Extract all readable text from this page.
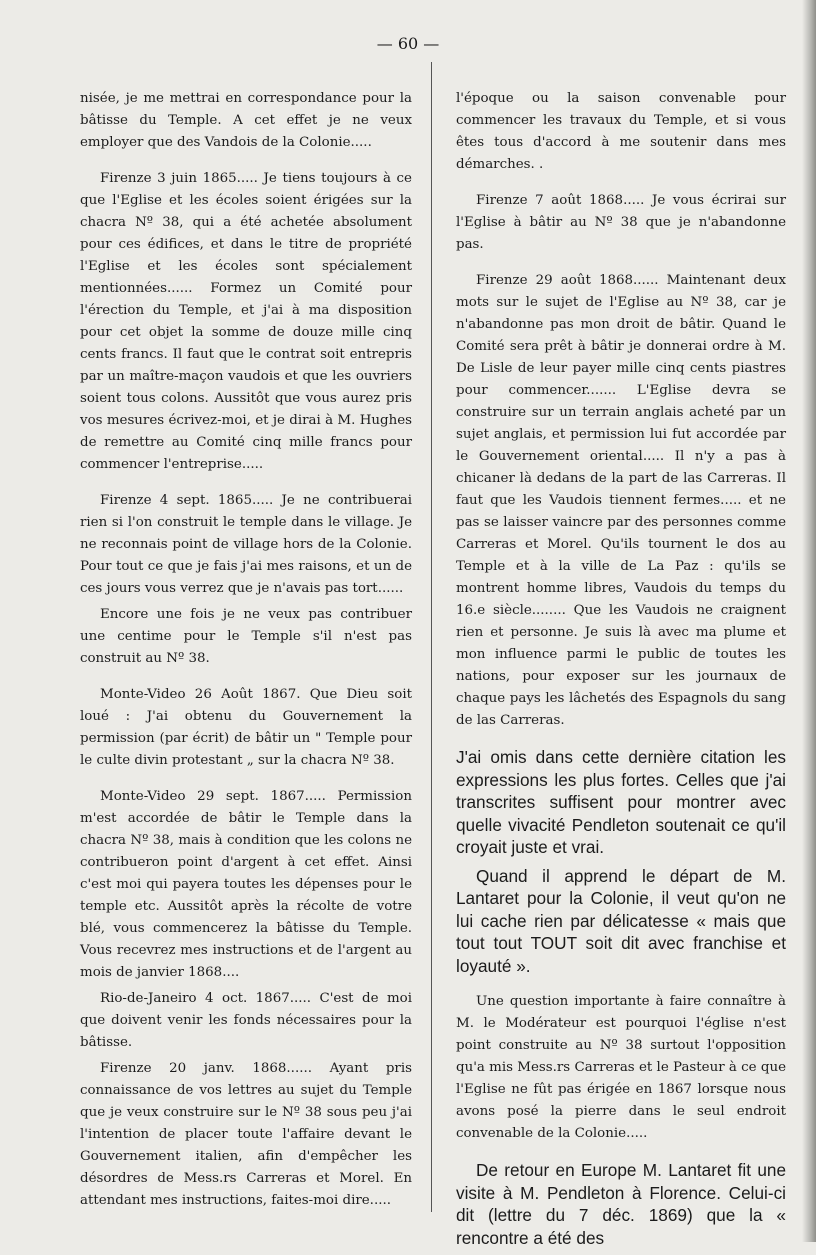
— 60 —

nisée, je me mettrai en correspondance pour la bâtisse du Temple. A cet effet je ne veux employer que des Vandois de la Colonie.....

Firenze 3 juin 1865..... Je tiens toujours à ce que l'Eglise et les écoles soient érigées sur la chacra Nº 38, qui a été achetée absolument pour ces édifices, et dans le titre de propriété l'Eglise et les écoles sont spécialement mentionnées...... Formez un Comité pour l'érection du Temple, et j'ai à ma disposition pour cet objet la somme de douze mille cinq cents francs. Il faut que le contrat soit entrepris par un maître-maçon vaudois et que les ouvriers soient tous colons. Aussitôt que vous aurez pris vos mesures écrivez-moi, et je dirai à M. Hughes de remettre au Comité cinq mille francs pour commencer l'entreprise.....

Firenze 4 sept. 1865..... Je ne contribuerai rien si l'on construit le temple dans le village. Je ne reconnais point de village hors de la Colonie. Pour tout ce que je fais j'ai mes raisons, et un de ces jours vous verrez que je n'avais pas tort......

Encore une fois je ne veux pas contribuer une centime pour le Temple s'il n'est pas construit au Nº 38.

Monte-Video 26 Août 1867. Que Dieu soit loué : J'ai obtenu du Gouvernement la permission (par écrit) de bâtir un " Temple pour le culte divin protestant „ sur la chacra Nº 38.

Monte-Video 29 sept. 1867..... Permission m'est accordée de bâtir le Temple dans la chacra Nº 38, mais à condition que les colons ne contribueron point d'argent à cet effet. Ainsi c'est moi qui payera toutes les dépenses pour le temple etc. Aussitôt après la récolte de votre blé, vous commencerez la bâtisse du Temple. Vous recevrez mes instructions et de l'argent au mois de janvier 1868....

Rio-de-Janeiro 4 oct. 1867..... C'est de moi que doivent venir les fonds nécessaires pour la bâtisse.

Firenze 20 janv. 1868...... Ayant pris connaissance de vos lettres au sujet du Temple que je veux construire sur le Nº 38 sous peu j'ai l'intention de placer toute l'affaire devant le Gouvernement italien, afin d'empêcher les désordres de Mess.rs Carreras et Morel. En attendant mes instructions, faites-moi dire.....

l'époque ou la saison convenable pour commencer les travaux du Temple, et si vous êtes tous d'accord à me soutenir dans mes démarches. .

Firenze 7 août 1868..... Je vous écrirai sur l'Eglise à bâtir au Nº 38 que je n'abandonne pas.

Firenze 29 août 1868...... Maintenant deux mots sur le sujet de l'Eglise au Nº 38, car je n'abandonne pas mon droit de bâtir. Quand le Comité sera prêt à bâtir je donnerai ordre à M. De Lisle de leur payer mille cinq cents piastres pour commencer....... L'Eglise devra se construire sur un terrain anglais acheté par un sujet anglais, et permission lui fut accordée par le Gouvernement oriental..... Il n'y a pas à chicaner là dedans de la part de las Carreras. Il faut que les Vaudois tiennent fermes..... et ne pas se laisser vaincre par des personnes comme Carreras et Morel. Qu'ils tournent le dos au Temple et à la ville de La Paz : qu'ils se montrent homme libres, Vaudois du temps du 16.e siècle........ Que les Vaudois ne craignent rien et personne. Je suis là avec ma plume et mon influence parmi le public de toutes les nations, pour exposer sur les journaux de chaque pays les lâchetés des Espagnols du sang de las Carreras.

J'ai omis dans cette dernière citation les expressions les plus fortes. Celles que j'ai transcrites suffisent pour montrer avec quelle vivacité Pendleton soutenait ce qu'il croyait juste et vrai.

Quand il apprend le départ de M. Lantaret pour la Colonie, il veut qu'on ne lui cache rien par délicatesse « mais que tout tout TOUT soit dit avec franchise et loyauté ».

Une question importante à faire connaître à M. le Modérateur est pourquoi l'église n'est point construite au Nº 38 surtout l'opposition qu'a mis Mess.rs Carreras et le Pasteur à ce que l'Eglise ne fût pas érigée en 1867 lorsque nous avons posé la pierre dans le seul endroit convenable de la Colonie.....

De retour en Europe M. Lantaret fit une visite à M. Pendleton à Florence. Celui-ci dit (lettre du 7 déc. 1869) que la « rencontre a été des
